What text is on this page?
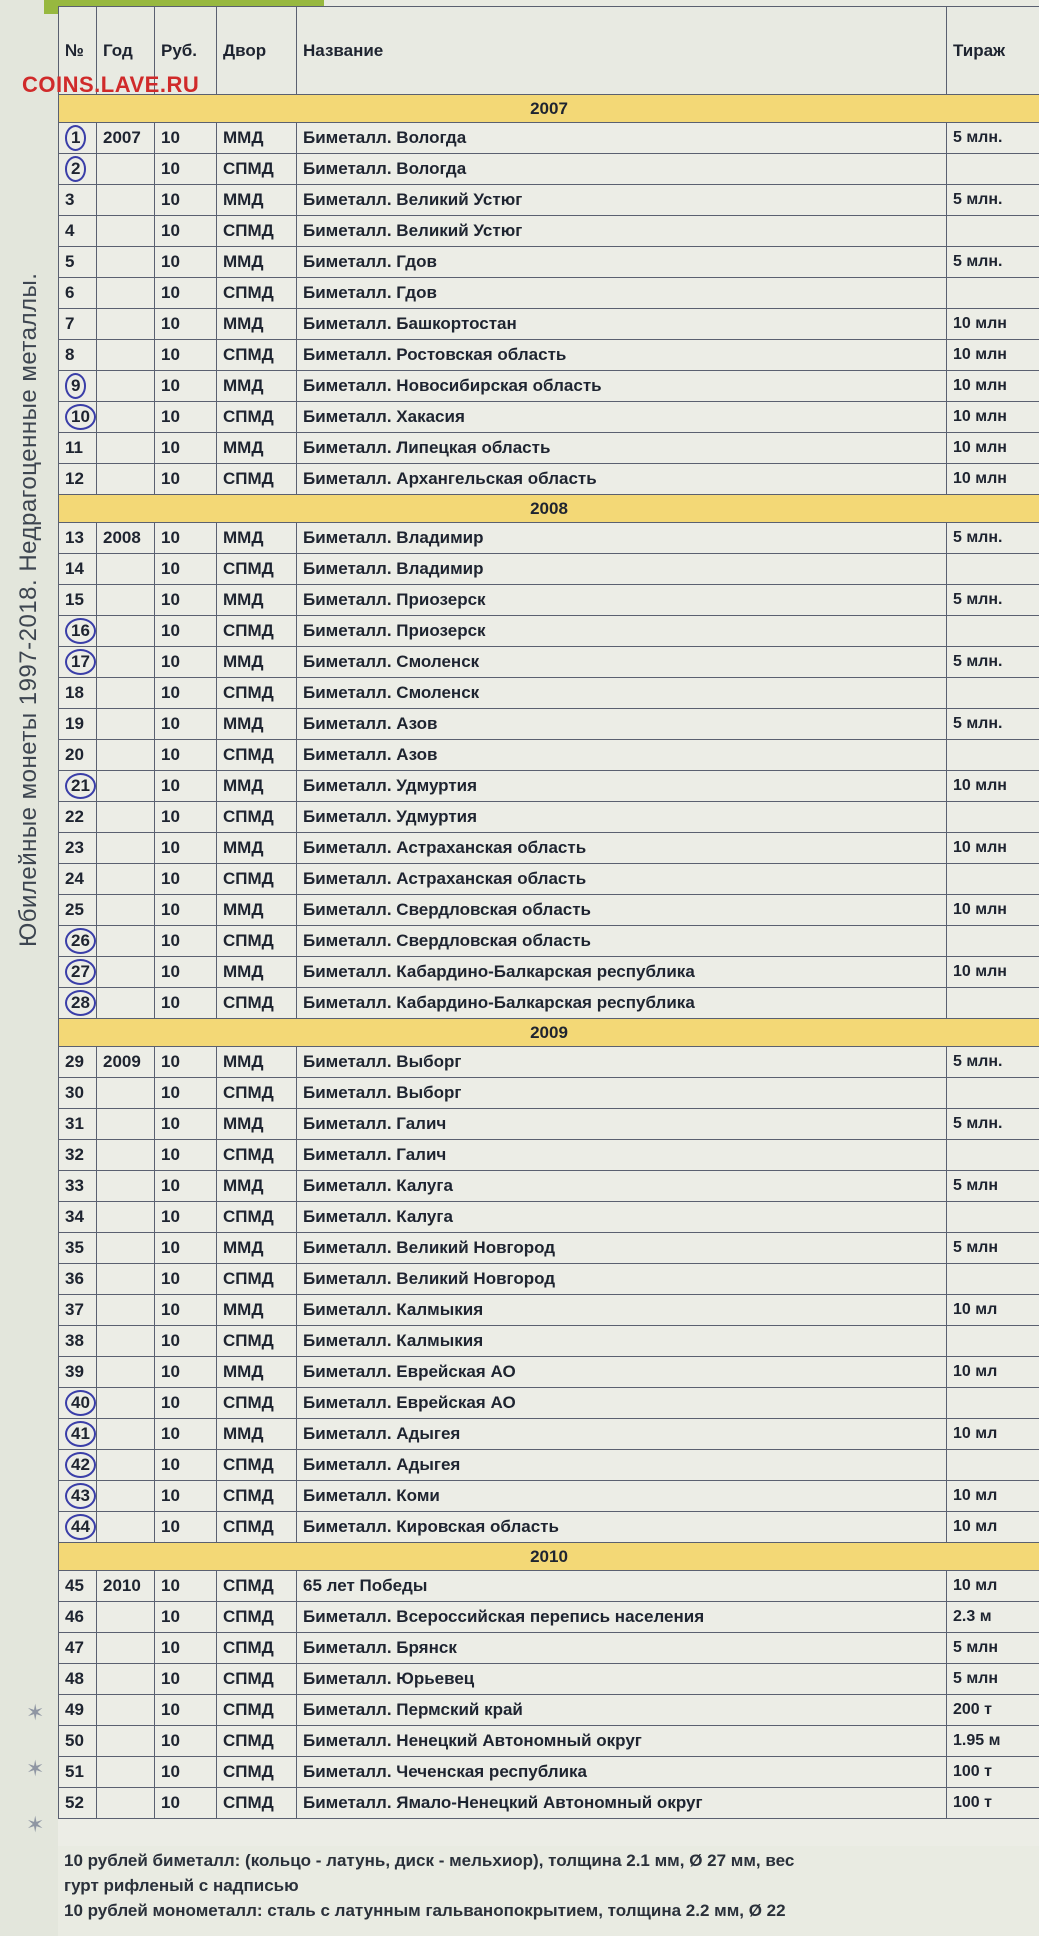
Юбилейные монеты 1997-2018. Недрагоценные металлы.
✶
✶
✶
№	Год	Руб.	Двор	Название	Тираж
2007					
1	2007	10	ММД	Биметалл. Вологда	5 млн.
2		10	СПМД	Биметалл. Вологда	
3		10	ММД	Биметалл. Великий Устюг	5 млн.
4		10	СПМД	Биметалл. Великий Устюг	
5		10	ММД	Биметалл. Гдов	5 млн.
6		10	СПМД	Биметалл. Гдов	
7		10	ММД	Биметалл. Башкортостан	10 млн
8		10	СПМД	Биметалл. Ростовская область	10 млн
9		10	ММД	Биметалл. Новосибирская область	10 млн
10		10	СПМД	Биметалл. Хакасия	10 млн
11		10	ММД	Биметалл. Липецкая область	10 млн
12		10	СПМД	Биметалл. Архангельская область	10 млн
2008					
13	2008	10	ММД	Биметалл. Владимир	5 млн.
14		10	СПМД	Биметалл. Владимир	
15		10	ММД	Биметалл. Приозерск	5 млн.
16		10	СПМД	Биметалл. Приозерск	
17		10	ММД	Биметалл. Смоленск	5 млн.
18		10	СПМД	Биметалл. Смоленск	
19		10	ММД	Биметалл. Азов	5 млн.
20		10	СПМД	Биметалл. Азов	
21		10	ММД	Биметалл. Удмуртия	10 млн
22		10	СПМД	Биметалл. Удмуртия	
23		10	ММД	Биметалл. Астраханская область	10 млн
24		10	СПМД	Биметалл. Астраханская область	
25		10	ММД	Биметалл. Свердловская область	10 млн
26		10	СПМД	Биметалл. Свердловская область	
27		10	ММД	Биметалл. Кабардино-Балкарская республика	10 млн
28		10	СПМД	Биметалл. Кабардино-Балкарская республика	
2009					
29	2009	10	ММД	Биметалл. Выборг	5 млн.
30		10	СПМД	Биметалл. Выборг	
31		10	ММД	Биметалл. Галич	5 млн.
32		10	СПМД	Биметалл. Галич	
33		10	ММД	Биметалл. Калуга	5 млн
34		10	СПМД	Биметалл. Калуга	
35		10	ММД	Биметалл. Великий Новгород	5 млн
36		10	СПМД	Биметалл. Великий Новгород	
37		10	ММД	Биметалл. Калмыкия	10 мл
38		10	СПМД	Биметалл. Калмыкия	
39		10	ММД	Биметалл. Еврейская АО	10 мл
40		10	СПМД	Биметалл. Еврейская АО	
41		10	ММД	Биметалл. Адыгея	10 мл
42		10	СПМД	Биметалл. Адыгея	
43		10	СПМД	Биметалл. Коми	10 мл
44		10	СПМД	Биметалл. Кировская область	10 мл
2010					
45	2010	10	СПМД	65 лет Победы	10 мл
46		10	СПМД	Биметалл. Всероссийская перепись населения	2.3 м
47		10	СПМД	Биметалл. Брянск	5 млн
48		10	СПМД	Биметалл. Юрьевец	5 млн
49		10	СПМД	Биметалл. Пермский край	200 т
50		10	СПМД	Биметалл. Ненецкий Автономный округ	1.95 м
51		10	СПМД	Биметалл. Чеченская республика	100 т
52		10	СПМД	Биметалл. Ямало-Ненецкий Автономный округ	100 т
COINS.LAVE.RU

10 рублей биметалл: (кольцо - латунь, диск - мельхиор), толщина 2.1 мм, Ø 27 мм, вес

гурт рифленый с надписью

10 рублей монометалл: сталь с латунным гальванопокрытием, толщина 2.2 мм, Ø 22
